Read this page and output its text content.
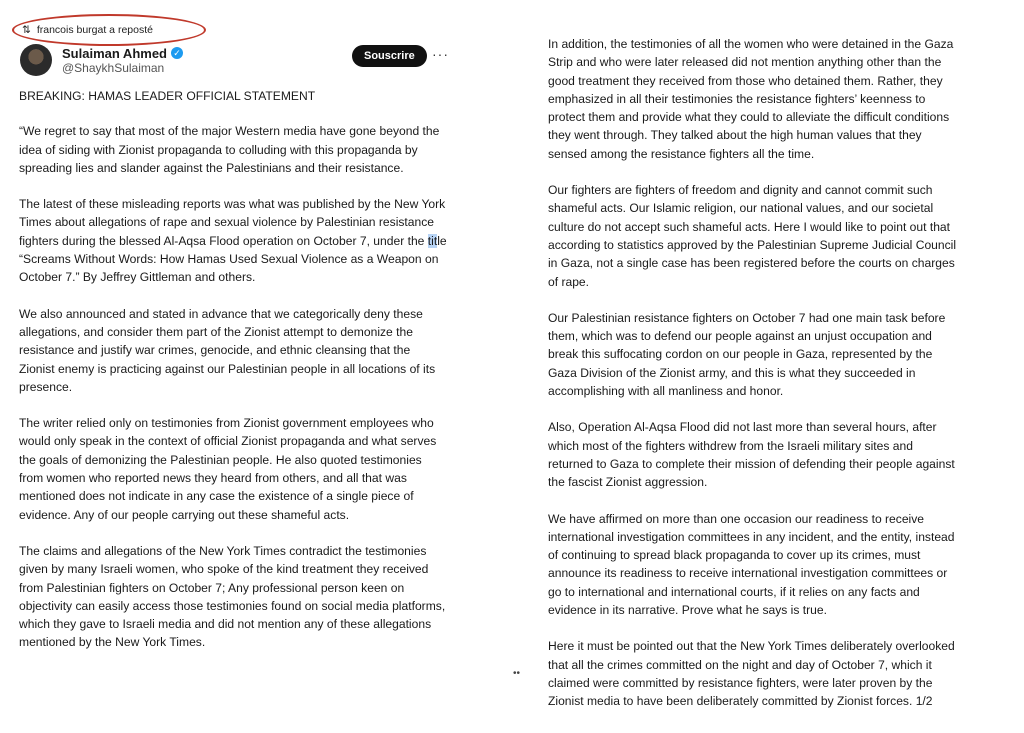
⇅ francois burgat a reposté
Sulaiman Ahmed ✓
@ShaykhSulaiman
Souscrire	···

BREAKING: HAMAS LEADER OFFICIAL STATEMENT

“We regret to say that most of the major Western media have gone beyond the idea of siding with Zionist propaganda to colluding with this propaganda by spreading lies and slander against the Palestinians and their resistance.

The latest of these misleading reports was what was published by the New York Times about allegations of rape and sexual violence by Palestinian resistance fighters during the blessed Al-Aqsa Flood operation on October 7, under the title “Screams Without Words: How Hamas Used Sexual Violence as a Weapon on October 7.” By Jeffrey Gittleman and others.

We also announced and stated in advance that we categorically deny these allegations, and consider them part of the Zionist attempt to demonize the resistance and justify war crimes, genocide, and ethnic cleansing that the Zionist enemy is practicing against our Palestinian people in all locations of its presence.

The writer relied only on testimonies from Zionist government employees who would only speak in the context of official Zionist propaganda and what serves the goals of demonizing the Palestinian people. He also quoted testimonies from women who reported news they heard from others, and all that was mentioned does not indicate in any case the existence of a single piece of evidence. Any of our people carrying out these shameful acts.

The claims and allegations of the New York Times contradict the testimonies given by many Israeli women, who spoke of the kind treatment they received from Palestinian fighters on October 7; Any professional person keen on objectivity can easily access those testimonies found on social media platforms, which they gave to Israeli media and did not mention any of these allegations mentioned by the New York Times.

In addition, the testimonies of all the women who were detained in the Gaza Strip and who were later released did not mention anything other than the good treatment they received from those who detained them. Rather, they emphasized in all their testimonies the resistance fighters’ keenness to protect them and provide what they could to alleviate the difficult conditions they went through. They talked about the high human values that they sensed among the resistance fighters all the time.

Our fighters are fighters of freedom and dignity and cannot commit such shameful acts. Our Islamic religion, our national values, and our societal culture do not accept such shameful acts. Here I would like to point out that according to statistics approved by the Palestinian Supreme Judicial Council in Gaza, not a single case has been registered before the courts on charges of rape.

Our Palestinian resistance fighters on October 7 had one main task before them, which was to defend our people against an unjust occupation and break this suffocating cordon on our people in Gaza, represented by the Gaza Division of the Zionist army, and this is what they succeeded in accomplishing with all manliness and honor.

Also, Operation Al-Aqsa Flood did not last more than several hours, after which most of the fighters withdrew from the Israeli military sites and returned to Gaza to complete their mission of defending their people against the fascist Zionist aggression.

We have affirmed on more than one occasion our readiness to receive international investigation committees in any incident, and the entity, instead of continuing to spread black propaganda to cover up its crimes, must announce its readiness to receive international investigation committees or go to international and international courts, if it relies on any facts and evidence in its narrative. Prove what he says is true.

Here it must be pointed out that the New York Times deliberately overlooked that all the crimes committed on the night and day of October 7, which it claimed were committed by resistance fighters, were later proven by the Zionist media to have been deliberately committed by Zionist forces. 1/2

••
